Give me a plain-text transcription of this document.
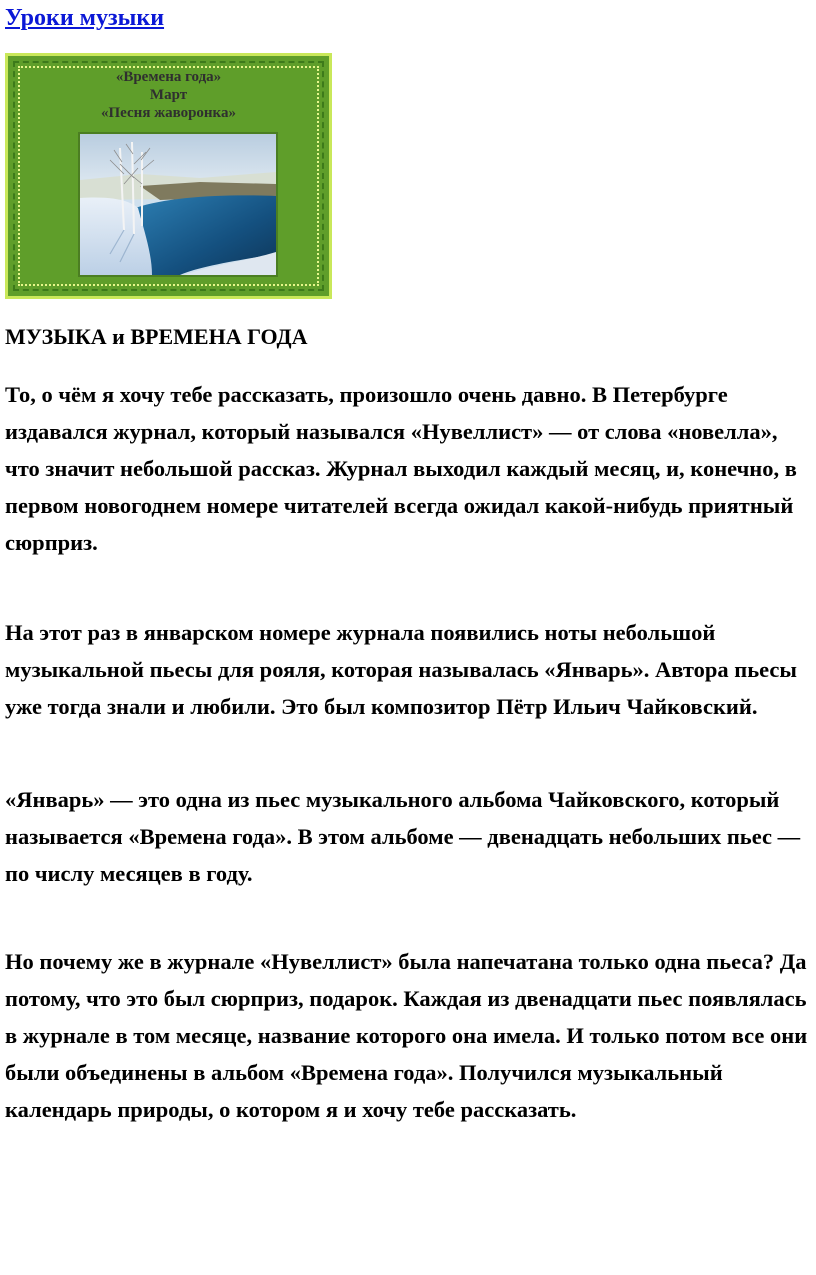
Уроки музыки
«Времена года»
Март
«Песня жаворонка»
МУЗЫКА и ВРЕМЕНА ГОДА

То, о чём я хочу тебе рассказать, произошло очень давно. В Петербурге издавался журнал, который назывался «Нувеллист» — от слова «новелла», что значит небольшой рассказ. Журнал выходил каждый месяц, и, конечно, в первом новогоднем номере читателей всегда ожидал какой-нибудь приятный сюрприз.

На этот раз в январском номере журнала появились ноты небольшой музыкальной пьесы для рояля, которая называлась «Январь». Автора пьесы уже тогда знали и любили. Это был композитор Пётр Ильич Чайковский.

«Январь» — это одна из пьес музыкального альбома Чайковского, который называется «Времена года». В этом альбоме — двенадцать небольших пьес — по числу месяцев в году.

Но почему же в журнале «Нувеллист» была напечатана только одна пьеса? Да потому, что это был сюрприз, подарок. Каждая из двенадцати пьес появлялась в журнале в том месяце, название которого она имела. И только потом все они были объединены в альбом «Времена года». Получился музыкальный календарь природы, о котором я и хочу тебе рассказать.
